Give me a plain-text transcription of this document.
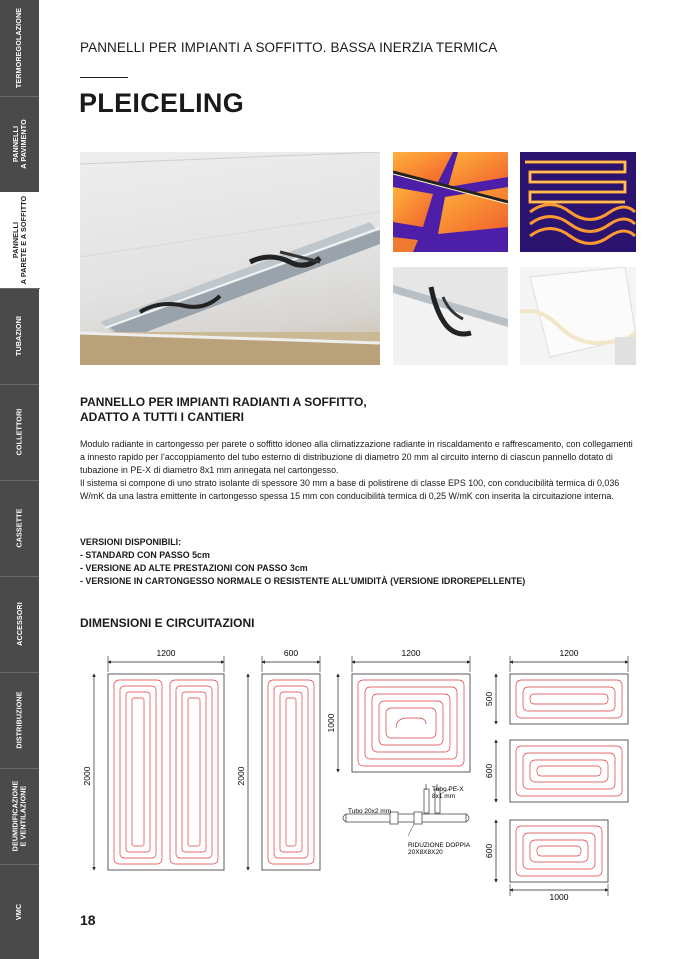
TERMOREGOLAZIONE
PANNELLI
A PAVIMENTO
PANNELLI
A PARETE E A SOFFITTO
TUBAZIONI
COLLETTORI
CASSETTE
ACCESSORI
DISTRIBUZIONE
DEUMIDIFICAZIONE
E VENTILAZIONE
VMC
PANNELLI PER IMPIANTI A SOFFITTO. BASSA INERZIA TERMICA
PLEICELING
PANNELLO PER IMPIANTI RADIANTI A SOFFITTO, ADATTO A TUTTI I CANTIERI

Modulo radiante in cartongesso per parete o soffitto idoneo alla climatizzazione radiante in riscaldamento e raffrescamento, con collegamenti a innesto rapido per l’accoppiamento del tubo esterno di distribuzione di diametro 20 mm al circuito interno di ciascun pannello dotato di tubazione in PE-X di diametro 8x1 mm annegata nel cartongesso.

Il sistema si compone di uno strato isolante di spessore 30 mm a base di polistirene di classe EPS 100, con conducibilità termica di 0,036 W/mK da una lastra emittente in cartongesso spessa 15 mm con conducibilità termica di 0,25 W/mK con inserita la circuitazione interna.

VERSIONI DISPONIBILI:
- STANDARD CON PASSO 5cm
- VERSIONE AD ALTE PRESTAZIONI CON PASSO 3cm
- VERSIONE IN CARTONGESSO NORMALE O RESISTENTE ALL’UMIDITÀ (VERSIONE IDROREPELLENTE)
DIMENSIONI E CIRCUITAZIONI
1200
2000
600
2000
1200
1000
Tubo PE-X
8x1 mm
Tubo 20x2 mm
RIDUZIONE DOPPIA
20X8X8X20
1200
500
600
600
1000
18
